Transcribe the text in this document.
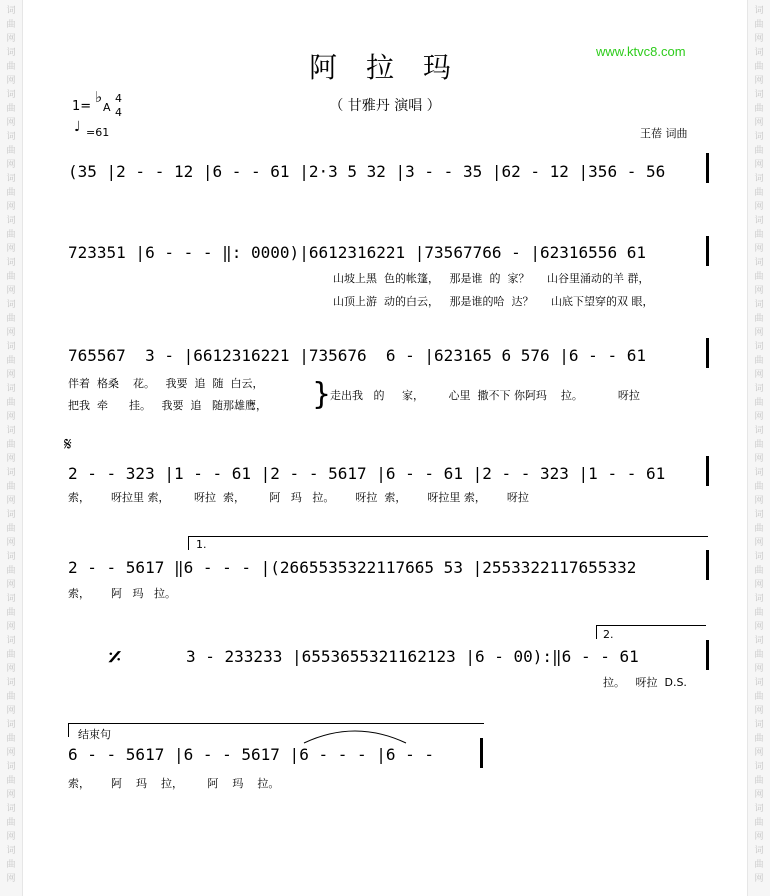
词
曲
网
词
曲
网
词
曲
网
词
曲
网
词
曲
网
词
曲
网
词
曲
网
词
曲
网
词
曲
网
词
曲
网
词
曲
网
词
曲
网
词
曲
网
词
曲
网
词
曲
网
词
曲
网
词
曲
网
词
曲
网
词
曲
网
词
曲
网
词
曲
网
词
曲
网
词
曲
网
词
曲
网
词
曲
网
词
曲
网
词
曲
网
词
曲
网
词
曲
网
词
曲
网
词
曲
网
词
曲
网
词
曲
网
词
曲
网
词
曲
网
词
曲
网
词
曲
网
词
曲
网
词
曲
网
词
曲
网
词
曲
网
词
曲
网
www.ktvc8.com
阿 拉 玛
（ 甘雅丹 演唱 ）
王蓓 词曲
1=
♭
A
4
4
♩ =61
(35 |2 - - 12 |6 - - 61 |2·3 5 32 |3 - - 35 |62 - 12 |356 - 56
723351 |6 - - - ‖: 0000)|6612316221 |73567766 - |62316556 61
山坡上黑  色的帐篷，   那是谁  的  家？     山谷里涌动的羊 群，
山顶上游  动的白云，   那是谁的哈  达？     山底下望穿的双 眼，
765567  3 - |6612316221 |735676  6 - |623165 6 576 |6 - - 61
伴着  格桑    花。   我要  追  随  白云，
把我  牵      挂。   我要  追   随那雄鹰， }
走出我   的     家，       心里  撒不下 你阿玛    拉。          呀拉
𝄋
2 - - 323 |1 - - 61 |2 - - 5617 |6 - - 61 |2 - - 323 |1 - - 61
索，      呀拉里 索，       呀拉  索，       阿   玛   拉。      呀拉  索，      呀拉里 索，      呀拉
1.
2 - - 5617 ‖6 - - - |(2665535322117665 53 |2553322117655332
索，      阿   玛   拉。
𝄎
2.
3 - 233233 |6553655321162123 |6 - 00):‖6 - - 61
拉。   呀拉  D.S.
结束句
6 - - 5617 |6 - - 5617 |6 - - - |6 - -
索，      阿    玛    拉，       阿    玛    拉。
